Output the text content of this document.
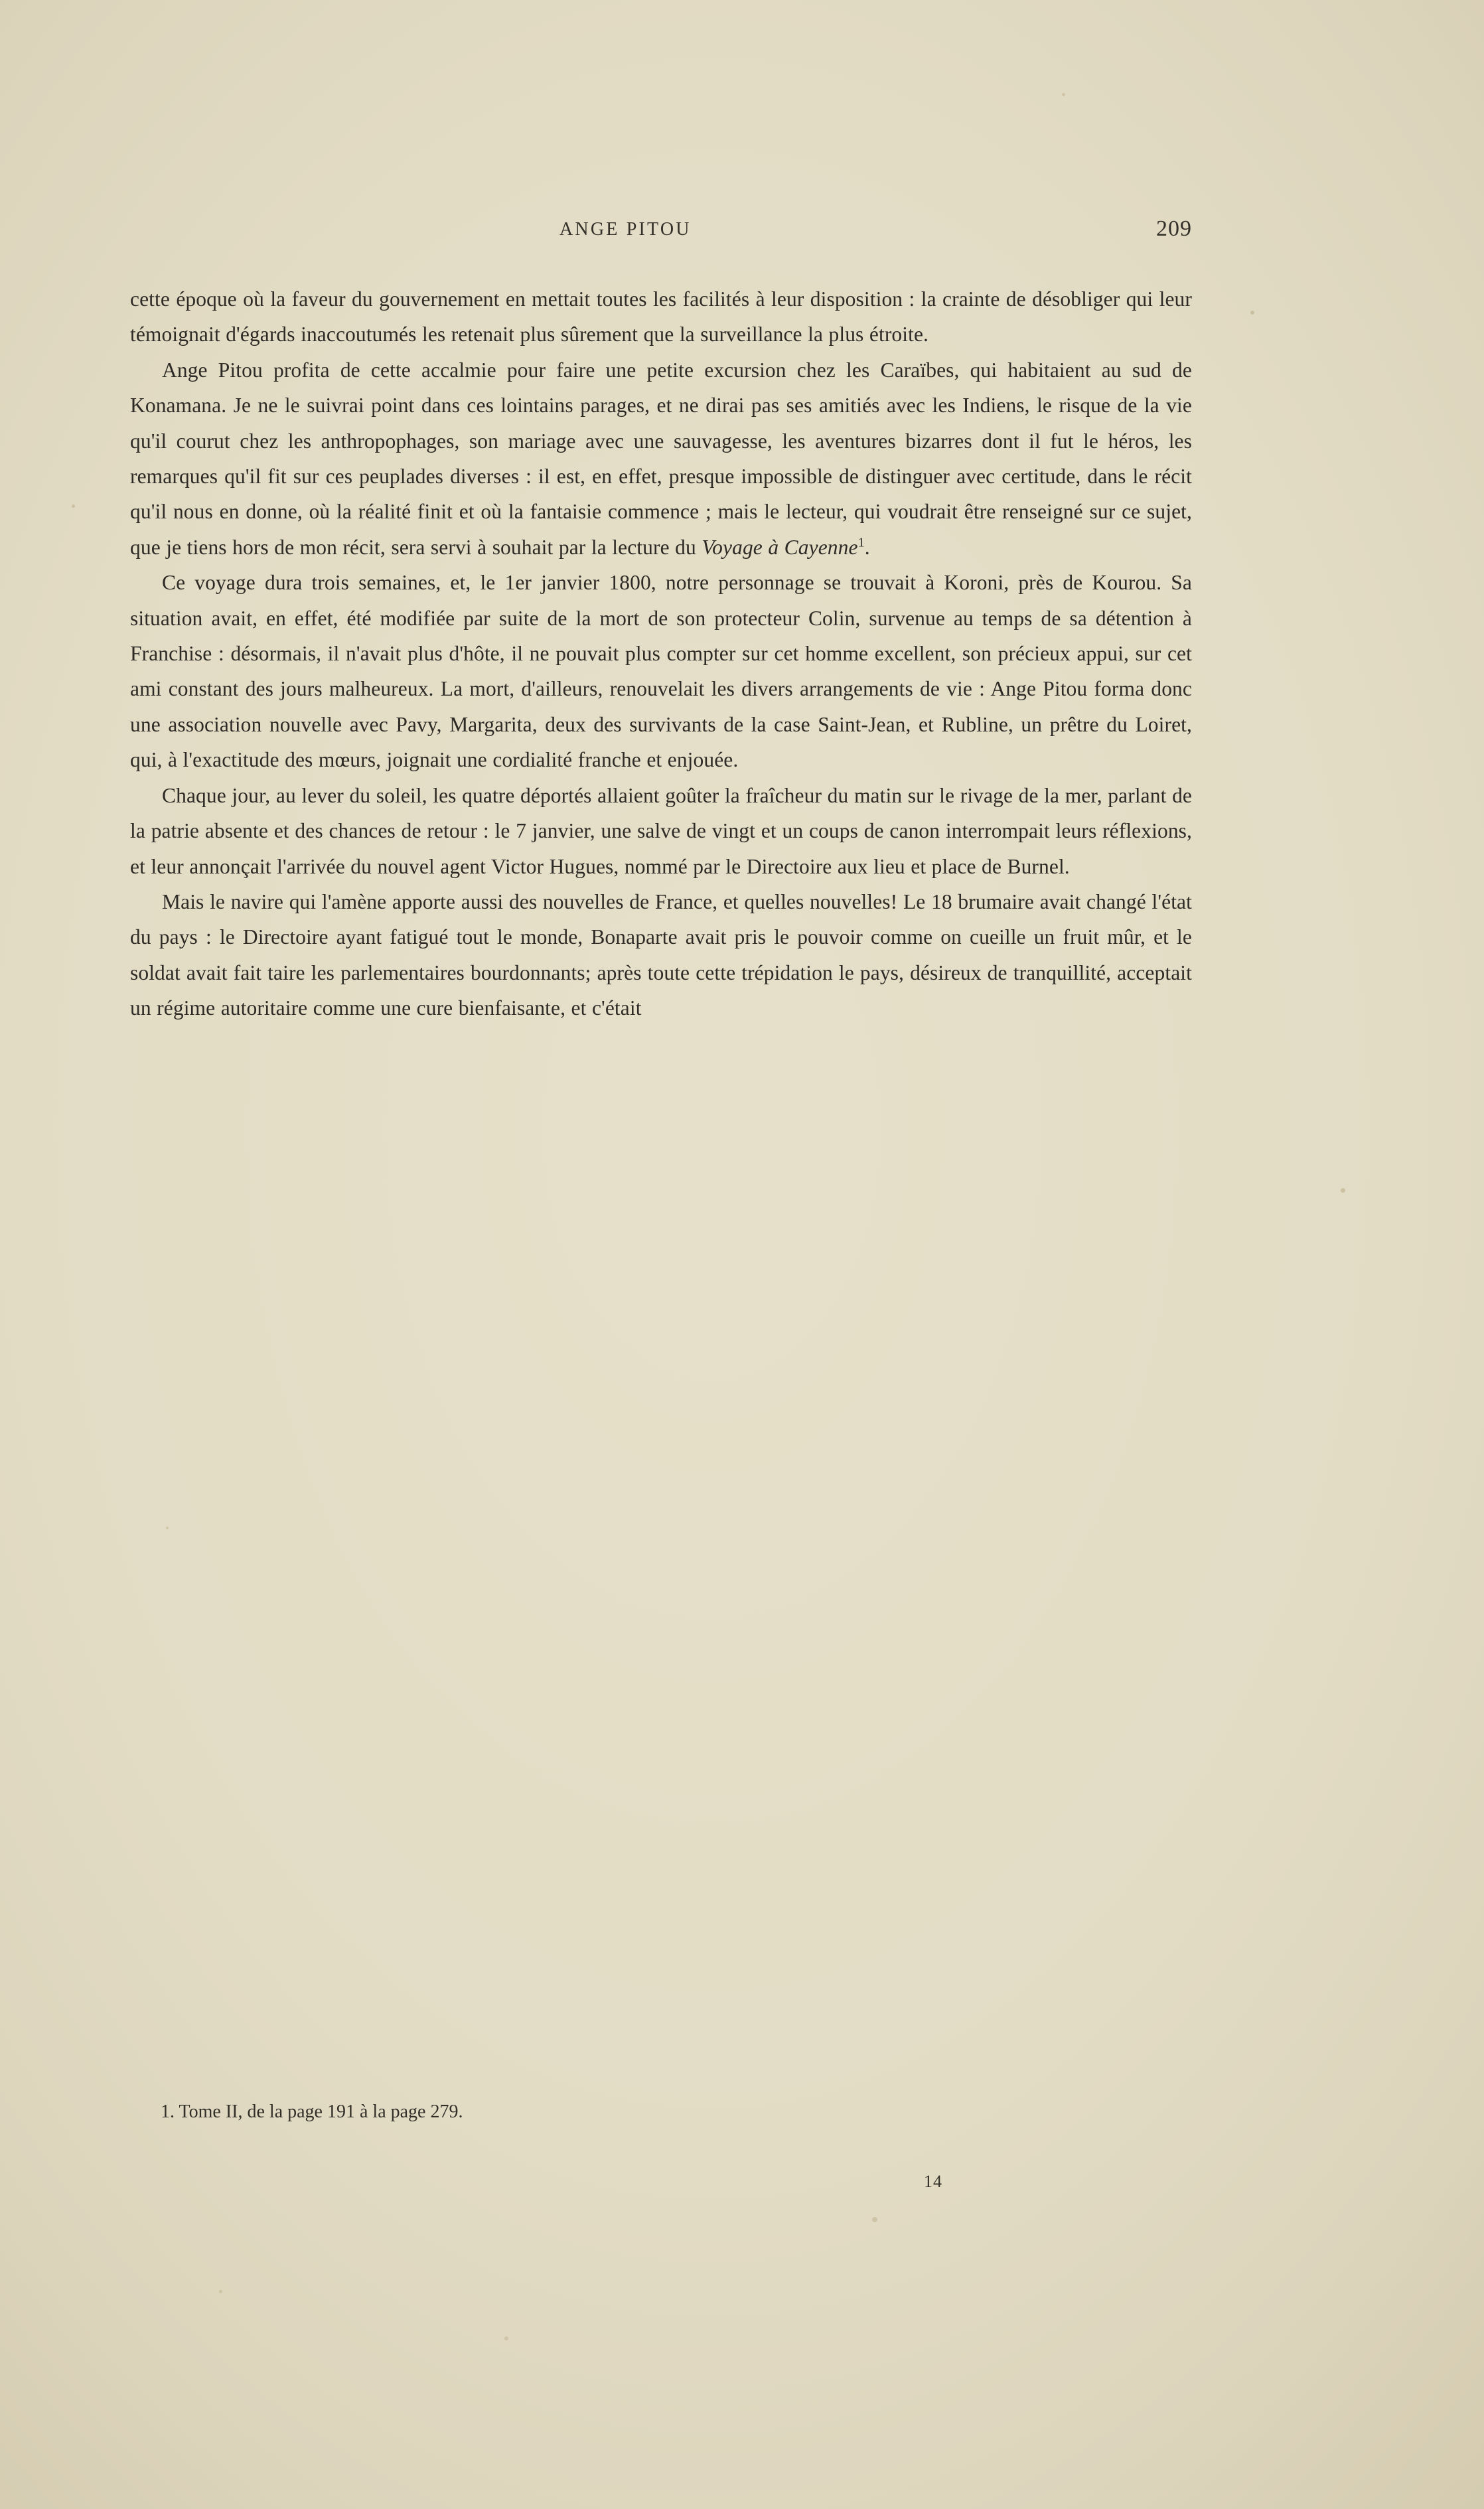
ANGE PITOU	209

cette époque où la faveur du gouvernement en mettait toutes les facilités à leur disposition : la crainte de désobliger qui leur témoignait d'égards inaccoutumés les retenait plus sûrement que la surveillance la plus étroite.

Ange Pitou profita de cette accalmie pour faire une petite excursion chez les Caraïbes, qui habitaient au sud de Konamana. Je ne le suivrai point dans ces lointains parages, et ne dirai pas ses amitiés avec les Indiens, le risque de la vie qu'il courut chez les anthropophages, son mariage avec une sauvagesse, les aventures bizarres dont il fut le héros, les remarques qu'il fit sur ces peuplades diverses : il est, en effet, presque impossible de distinguer avec certitude, dans le récit qu'il nous en donne, où la réalité finit et où la fantaisie commence ; mais le lecteur, qui voudrait être renseigné sur ce sujet, que je tiens hors de mon récit, sera servi à souhait par la lecture du Voyage à Cayenne$^1$.

Ce voyage dura trois semaines, et, le 1er janvier 1800, notre personnage se trouvait à Koroni, près de Kourou. Sa situation avait, en effet, été modifiée par suite de la mort de son protecteur Colin, survenue au temps de sa détention à Franchise : désormais, il n'avait plus d'hôte, il ne pouvait plus compter sur cet homme excellent, son précieux appui, sur cet ami constant des jours malheureux. La mort, d'ailleurs, renouvelait les divers arrangements de vie : Ange Pitou forma donc une association nouvelle avec Pavy, Margarita, deux des survivants de la case Saint-Jean, et Rubline, un prêtre du Loiret, qui, à l'exactitude des mœurs, joignait une cordialité franche et enjouée.

Chaque jour, au lever du soleil, les quatre déportés allaient goûter la fraîcheur du matin sur le rivage de la mer, parlant de la patrie absente et des chances de retour : le 7 janvier, une salve de vingt et un coups de canon interrompait leurs réflexions, et leur annonçait l'arrivée du nouvel agent Victor Hugues, nommé par le Directoire aux lieu et place de Burnel.

Mais le navire qui l'amène apporte aussi des nouvelles de France, et quelles nouvelles! Le 18 brumaire avait changé l'état du pays : le Directoire ayant fatigué tout le monde, Bonaparte avait pris le pouvoir comme on cueille un fruit mûr, et le soldat avait fait taire les parlementaires bourdonnants; après toute cette trépidation le pays, désireux de tranquillité, acceptait un régime autoritaire comme une cure bienfaisante, et c'était

1. Tome II, de la page 191 à la page 279.
14
